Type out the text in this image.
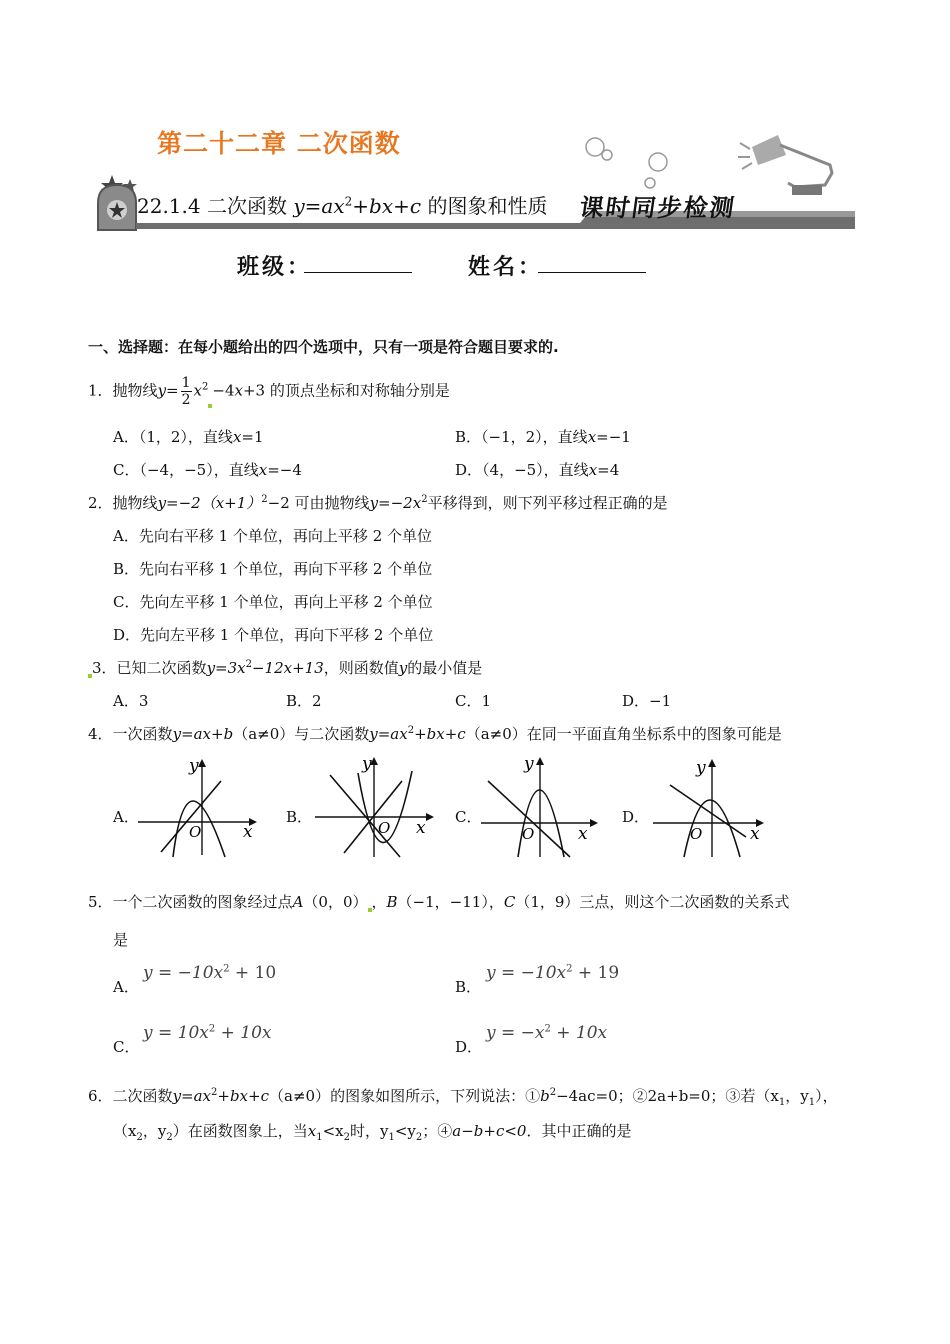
第二十二章 二次函数
22.1.4 二次函数 $y=ax^2+bx+c$ 的图象和性质 课时同步检测
班级：	姓名：
一、选择题：在每小题给出的四个选项中，只有一项是符合题目要求的.
1．抛物线$y= \frac{1}{2} x^2 -4x+3$ 的顶点坐标和对称轴分别是
A．（1，2），直线x=1	B．（−1，2），直线x=−1
C．（−4，−5），直线x=−4	D．（4，−5），直线x=4
2．抛物线$y=-2(x+1)^2-2$ 可由抛物线$y=-2x^2$平移得到，则下列平移过程正确的是
A．先向右平移 1 个单位，再向上平移 2 个单位
B．先向右平移 1 个单位，再向下平移 2 个单位
C．先向左平移 1 个单位，再向上平移 2 个单位
D．先向左平移 1 个单位，再向下平移 2 个单位
3．已知二次函数$y=3x^2-12x+13$，则函数值y的最小值是
A．3	B．2	C．1	D．−1
4．一次函数y=ax+b（a≠0）与二次函数$y=ax^2+bx+c(a\ne 0)$在同一平面直角坐标系中的图象可能是
A．	B．	C．	D．
y
x
O
y
x
O
y
x
O
y
x
O
5．一个二次函数的图象经过点A（0，0） ，B（−1，−11），C（1，9）三点，则这个二次函数的关系式
是
A．
$y = -10x^2 + 10$
B．
$y = -10x^2 + 19$
C．
$y = 10x^2 + 10x$
D．
$y = -x^2 + 10x$
6．二次函数$y=ax^2+bx+c(a\ne 0)$的图象如图所示，下列说法：$①b^2-4ac=0$；②2a+b=0；③若（$x_1$，$y_1$），
（$x_2$，$y_2$）在函数图象上，当$x_1<x_2$时，$y_1<y_2$；④a−b+c<0．其中正确的是
